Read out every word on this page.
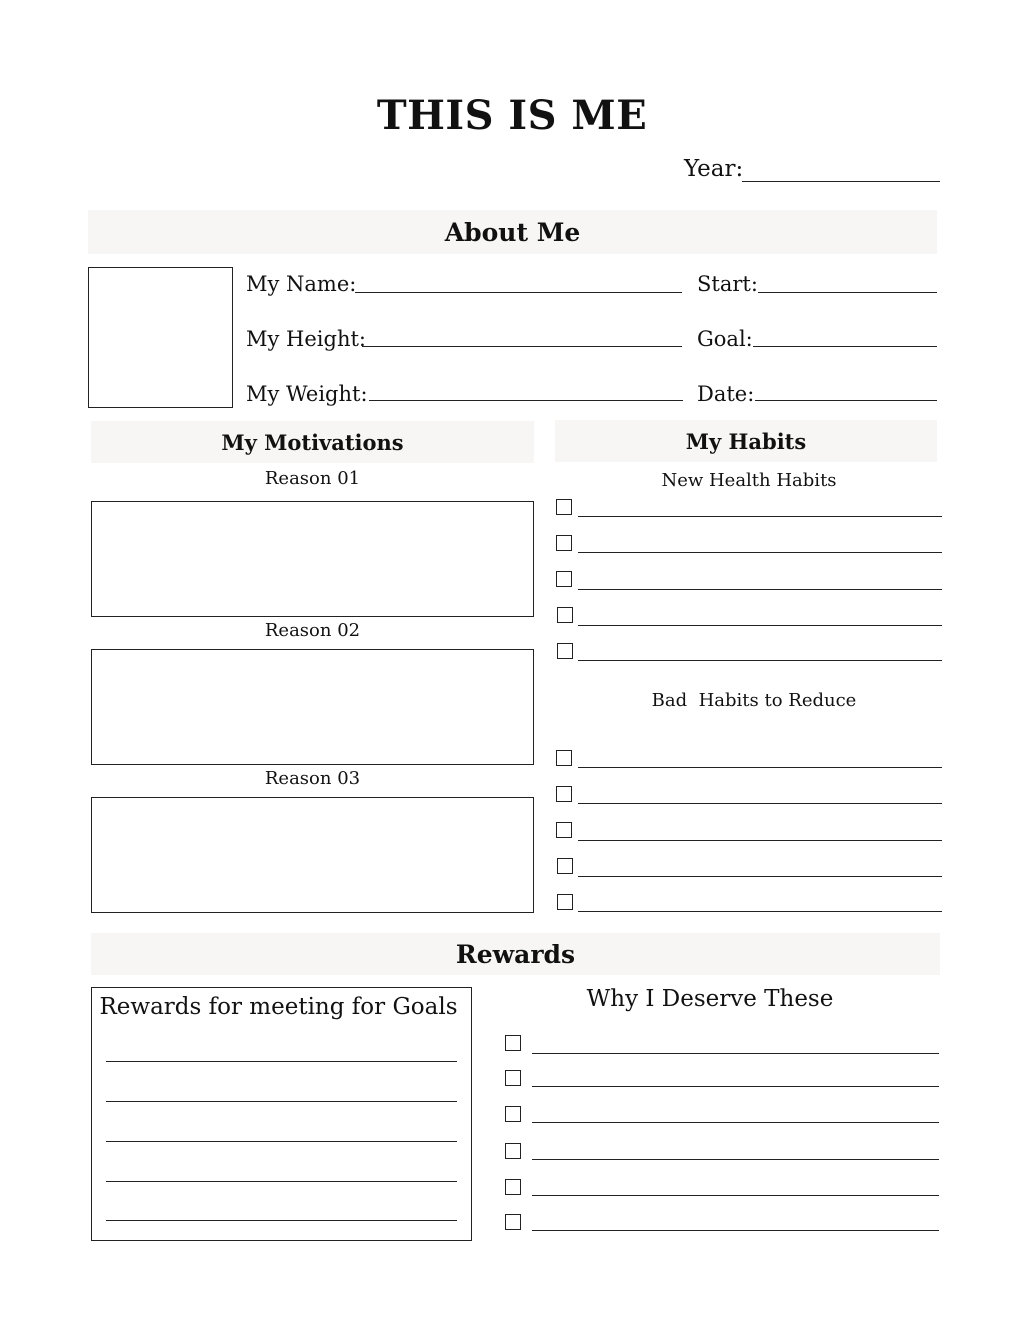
THIS IS ME
Year:
About Me
My Name:
My Height:
My Weight:
Start:
Goal:
Date:
My Motivations
Reason 01
Reason 02
Reason 03
My Habits
New Health Habits
Bad  Habits to Reduce
Rewards
Rewards for meeting for Goals	Why I Deserve These
